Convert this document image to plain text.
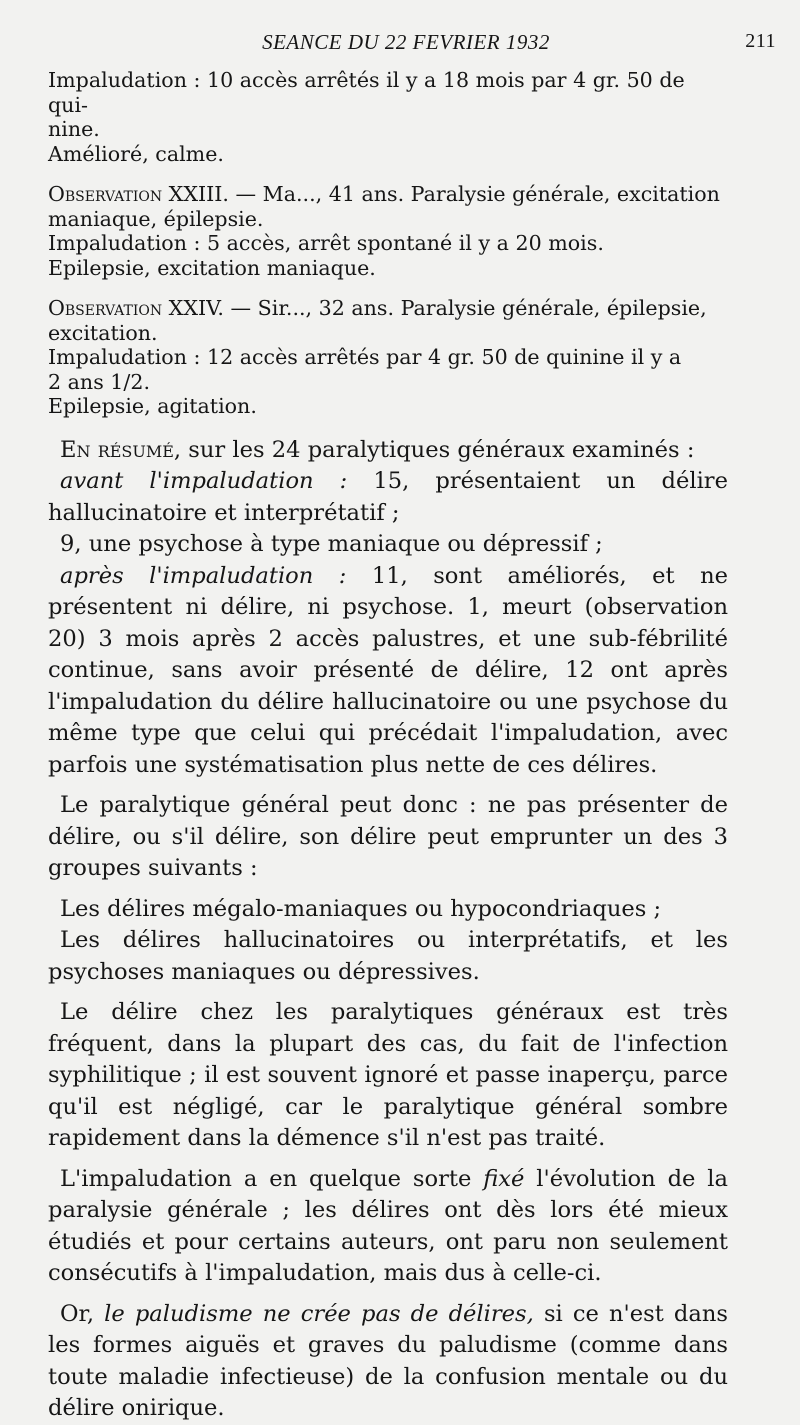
SEANCE DU 22 FEVRIER 1932	211

Impaludation : 10 accès arrêtés il y a 18 mois par 4 gr. 50 de qui-

nine.

Amélioré, calme.

Observation XXIII. — Ma..., 41 ans. Paralysie générale, excitation

maniaque, épilepsie.

Impaludation : 5 accès, arrêt spontané il y a 20 mois.

Epilepsie, excitation maniaque.

Observation XXIV. — Sir..., 32 ans. Paralysie générale, épilepsie,

excitation.

Impaludation : 12 accès arrêtés par 4 gr. 50 de quinine il y a

2 ans 1/2.

Epilepsie, agitation.

En résumé, sur les 24 paralytiques généraux examinés :

avant l'impaludation : 15, présentaient un délire hallucinatoire et interprétatif ;

9, une psychose à type maniaque ou dépressif ;

après l'impaludation : 11, sont améliorés, et ne présentent ni délire, ni psychose. 1, meurt (observation 20) 3 mois après 2 accès palustres, et une sub-fébrilité continue, sans avoir présenté de délire, 12 ont après l'impaludation du délire hallucinatoire ou une psychose du même type que celui qui précédait l'impaludation, avec parfois une systématisation plus nette de ces délires.

Le paralytique général peut donc : ne pas présenter de délire, ou s'il délire, son délire peut emprunter un des 3 groupes suivants :

Les délires mégalo-maniaques ou hypocondriaques ;

Les délires hallucinatoires ou interprétatifs, et les psychoses maniaques ou dépressives.

Le délire chez les paralytiques généraux est très fréquent, dans la plupart des cas, du fait de l'infection syphilitique ; il est souvent ignoré et passe inaperçu, parce qu'il est négligé, car le paralytique général sombre rapidement dans la démence s'il n'est pas traité.

L'impaludation a en quelque sorte fixé l'évolution de la paralysie générale ; les délires ont dès lors été mieux étudiés et pour certains auteurs, ont paru non seulement consécutifs à l'impaludation, mais dus à celle-ci.

Or, le paludisme ne crée pas de délires, si ce n'est dans les formes aiguës et graves du paludisme (comme dans toute maladie infectieuse) de la confusion mentale ou du délire onirique.
